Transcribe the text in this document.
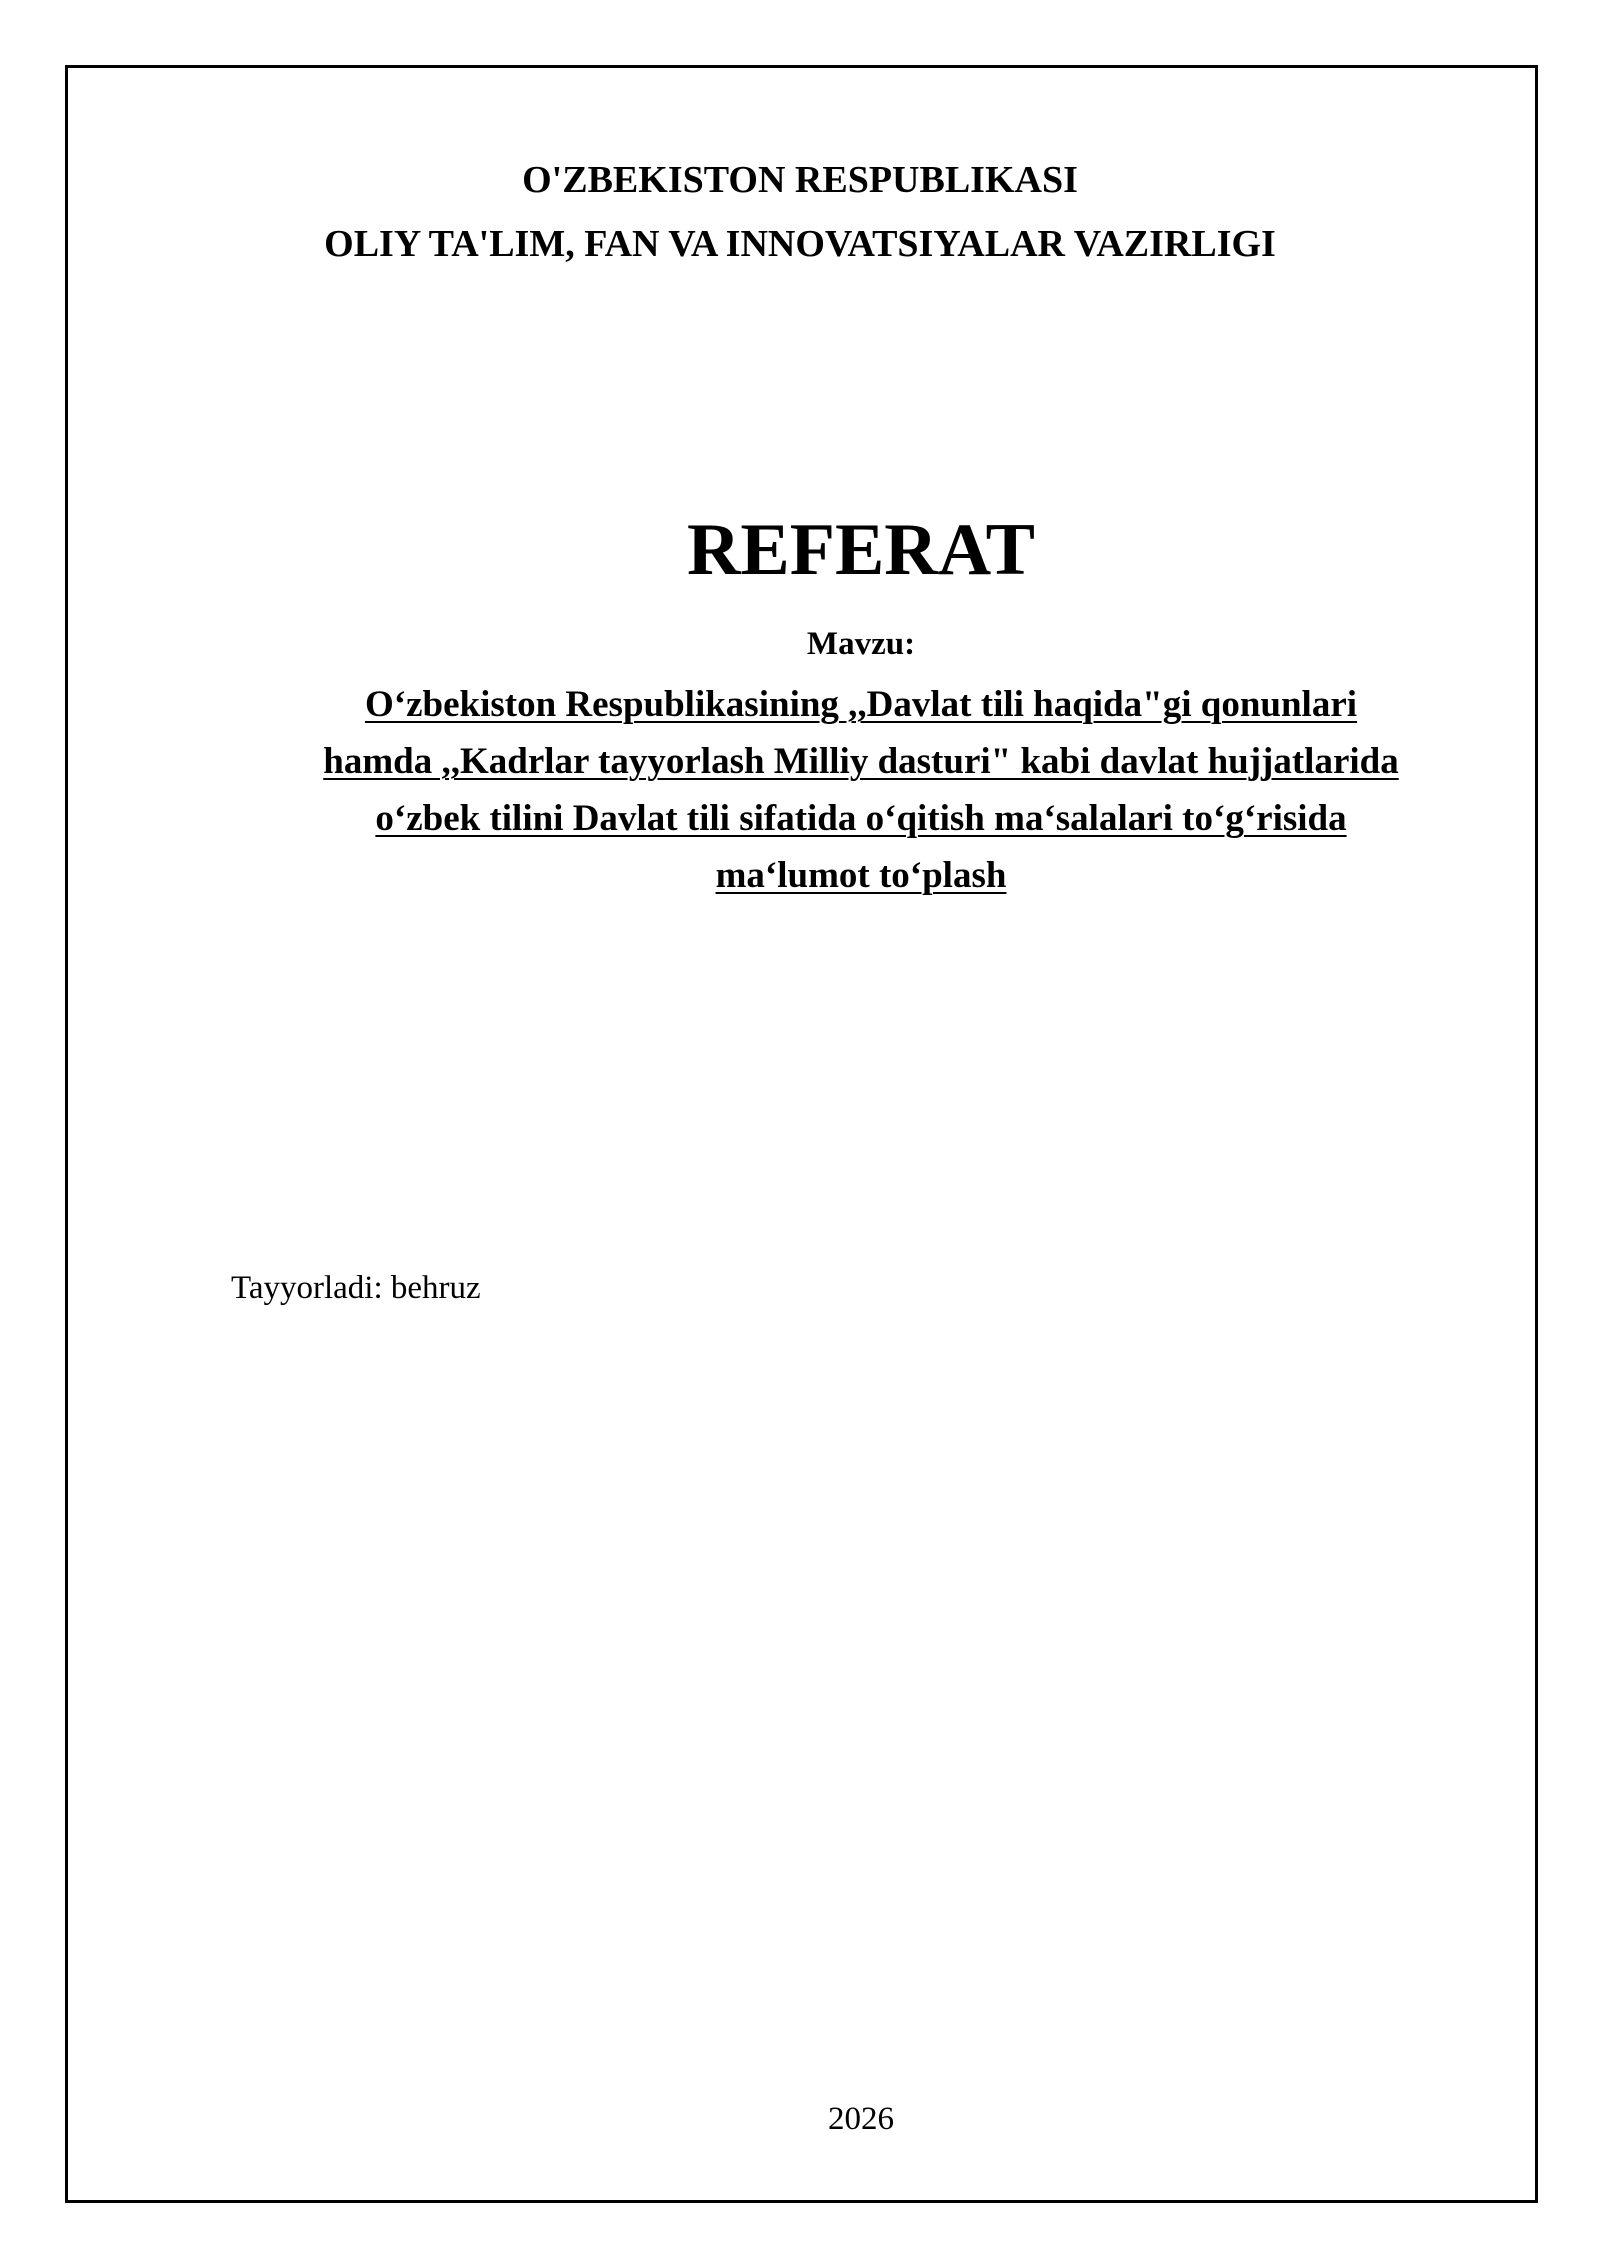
O'ZBEKISTON RESPUBLIKASI
OLIY TA'LIM, FAN VA INNOVATSIYALAR VAZIRLIGI
REFERAT
Mavzu:
O‘zbekiston Respublikasining ,,Davlat tili haqida"gi qonunlari
hamda ,,Kadrlar tayyorlash Milliy dasturi" kabi davlat hujjatlarida
o‘zbek tilini Davlat tili sifatida o‘qitish ma‘salalari to‘g‘risida
ma‘lumot to‘plash
Tayyorladi: behruz
2026
